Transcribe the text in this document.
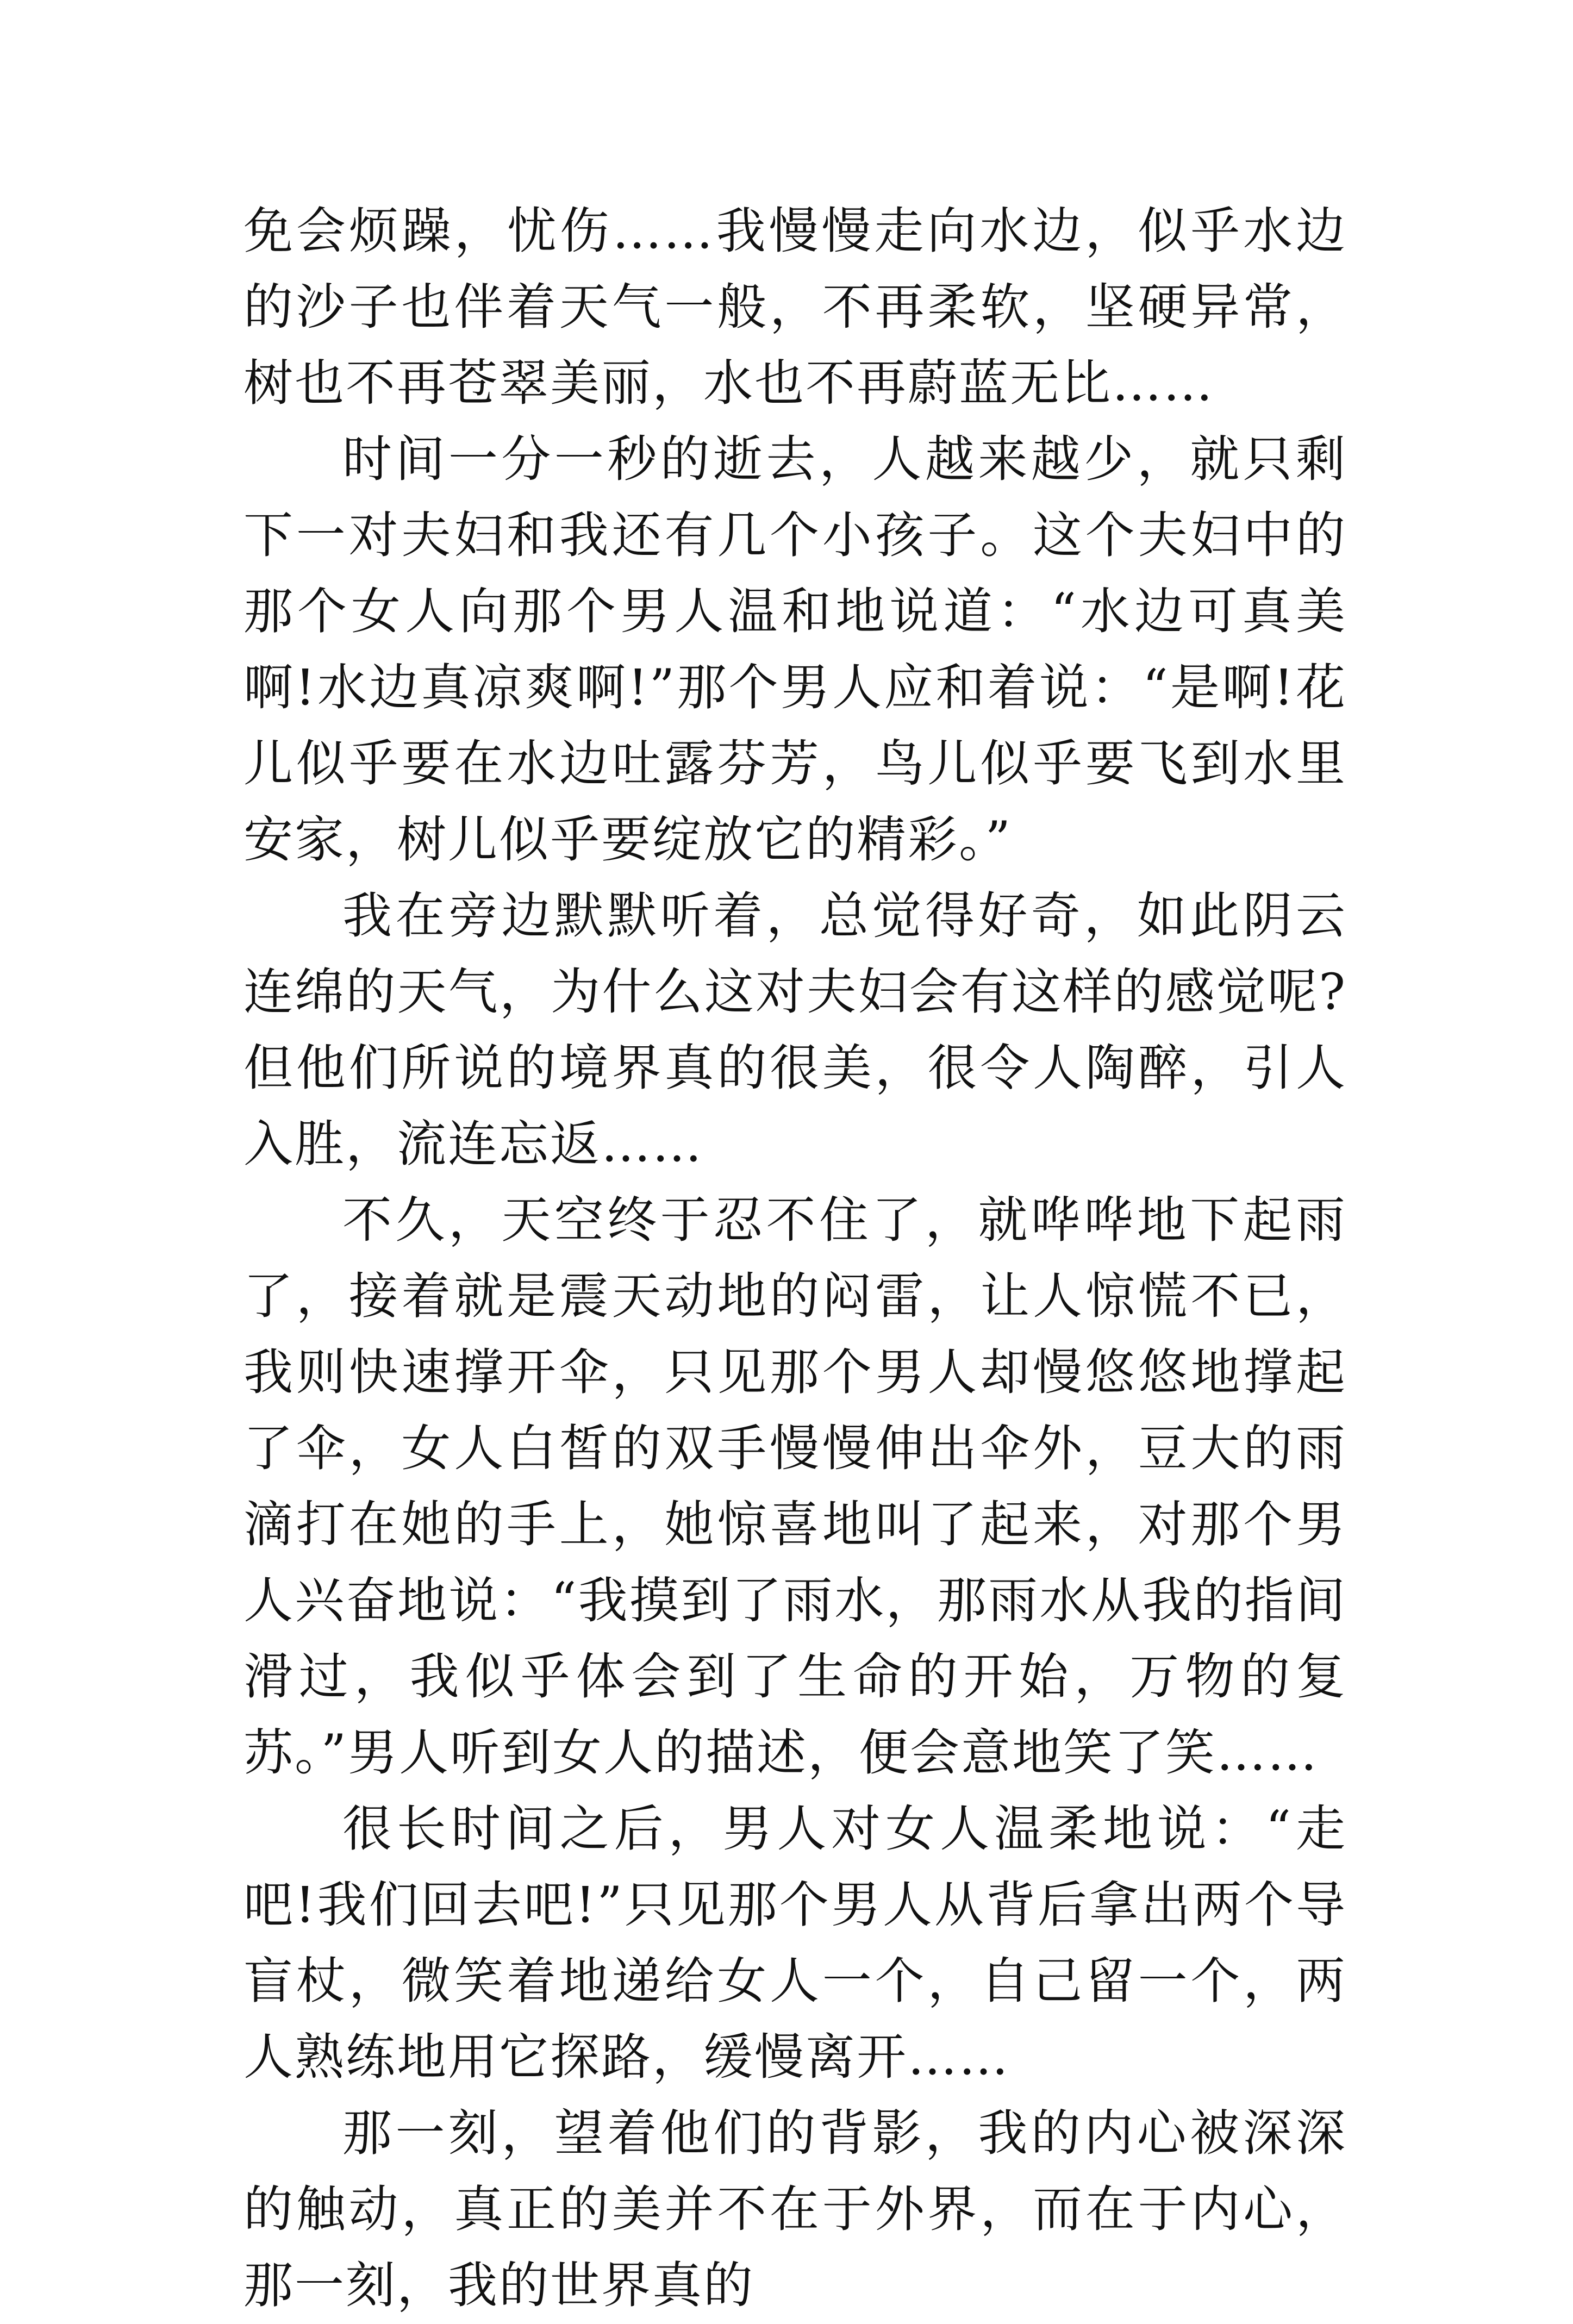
免会烦躁，忧伤……我慢慢走向水边，似乎水边的沙子也伴着天气一般，不再柔软，坚硬异常，树也不再苍翠美丽，水也不再蔚蓝无比……

时间一分一秒的逝去，人越来越少，就只剩下一对夫妇和我还有几个小孩子。这个夫妇中的那个女人向那个男人温和地说道：“水边可真美啊!水边真凉爽啊!”那个男人应和着说：“是啊!花儿似乎要在水边吐露芬芳，鸟儿似乎要飞到水里安家，树儿似乎要绽放它的精彩。”

我在旁边默默听着，总觉得好奇，如此阴云连绵的天气，为什么这对夫妇会有这样的感觉呢?但他们所说的境界真的很美，很令人陶醉，引人入胜，流连忘返……

不久，天空终于忍不住了，就哗哗地下起雨了，接着就是震天动地的闷雷，让人惊慌不已，我则快速撑开伞，只见那个男人却慢悠悠地撑起了伞，女人白皙的双手慢慢伸出伞外，豆大的雨滴打在她的手上，她惊喜地叫了起来，对那个男人兴奋地说：“我摸到了雨水，那雨水从我的指间滑过，我似乎体会到了生命的开始，万物的复苏。”男人听到女人的描述，便会意地笑了笑……

很长时间之后，男人对女人温柔地说：“走吧!我们回去吧!”只见那个男人从背后拿出两个导盲杖，微笑着地递给女人一个，自己留一个，两人熟练地用它探路，缓慢离开……

那一刻，望着他们的背影，我的内心被深深的触动，真正的美并不在于外界，而在于内心，那一刻，我的世界真的
